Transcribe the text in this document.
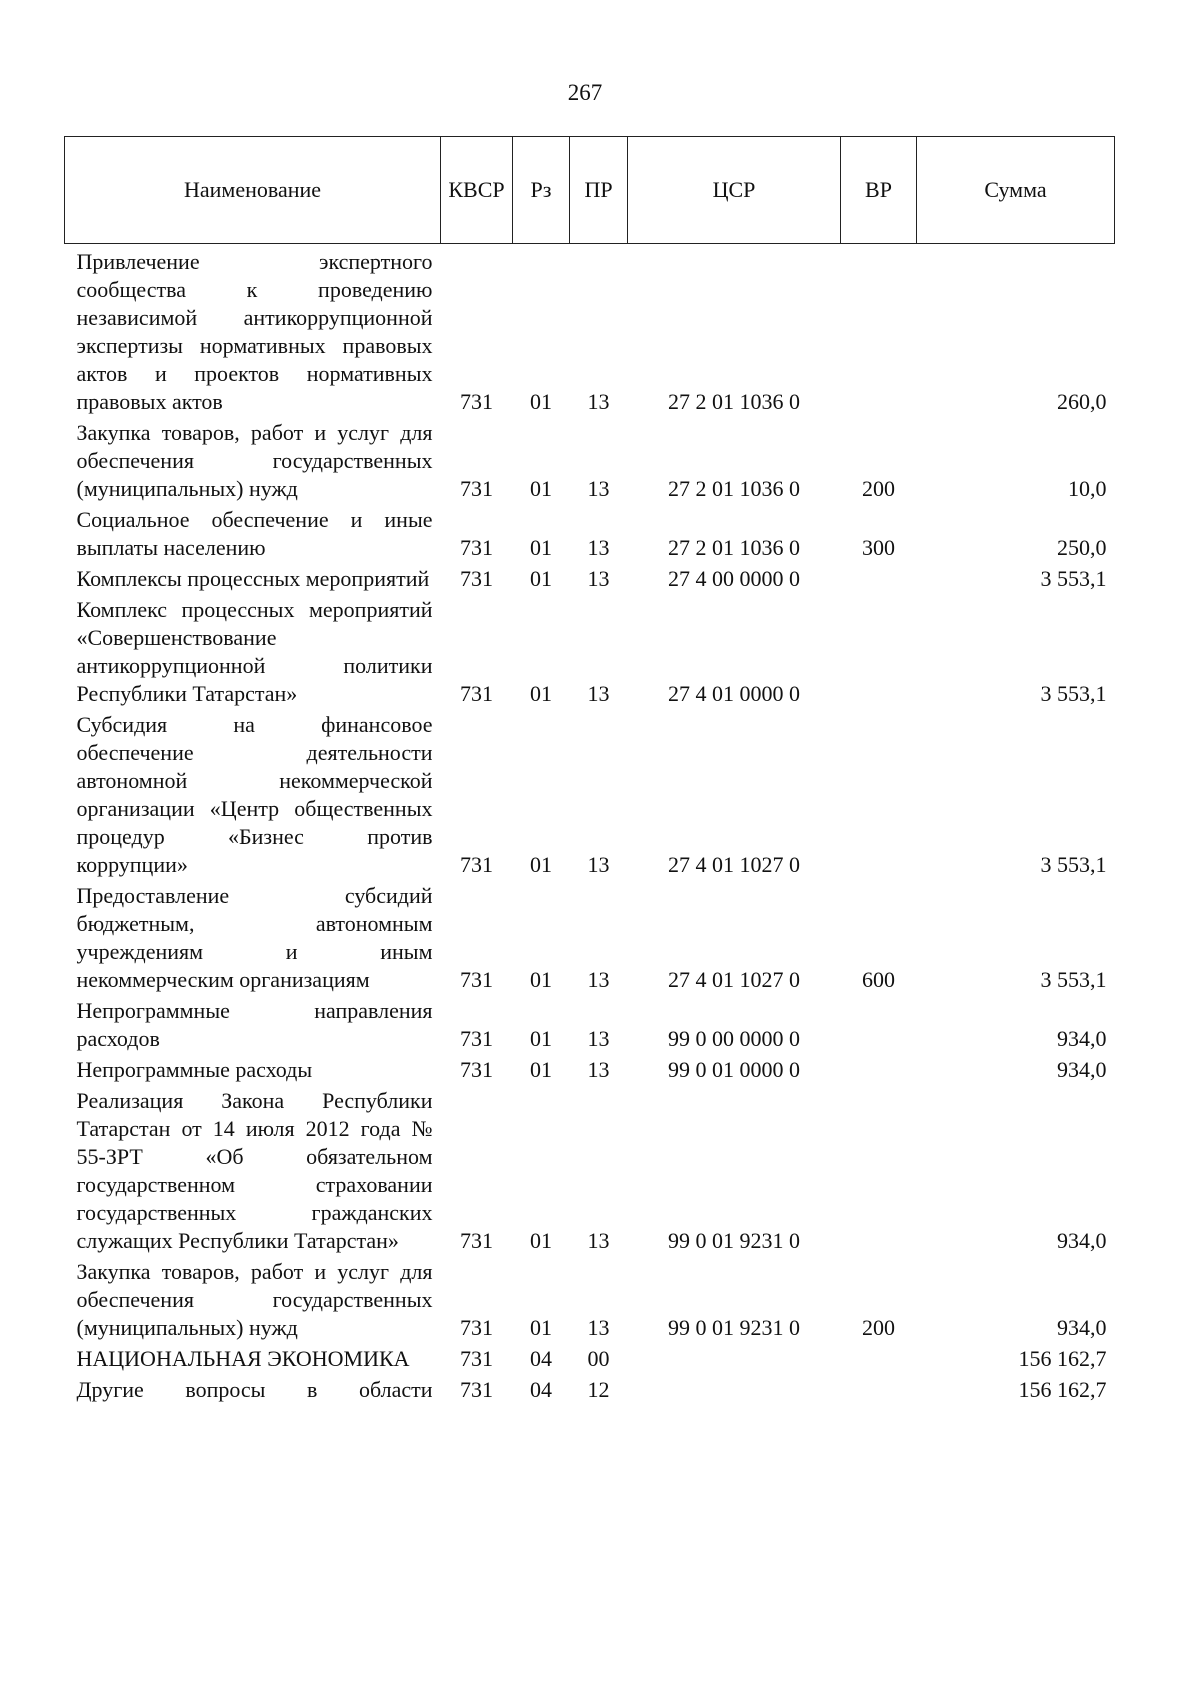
267
Наименование	КВСР	Рз	ПР	ЦСР	ВР	Сумма
Привлечение экспертного сообщества к проведению независимой антикоррупционной экспертизы нормативных правовых актов и проектов нормативных правовых актов	731	01	13	27 2 01 1036 0		260,0
Закупка товаров, работ и услуг для обеспечения государственных (муниципальных) нужд	731	01	13	27 2 01 1036 0	200	10,0
Социальное обеспечение и иные выплаты населению	731	01	13	27 2 01 1036 0	300	250,0
Комплексы процессных мероприятий	731	01	13	27 4 00 0000 0		3 553,1
Комплекс процессных мероприятий «Совершенствование антикоррупционной политики Республики Татарстан»	731	01	13	27 4 01 0000 0		3 553,1
Субсидия на финансовое обеспечение деятельности автономной некоммерческой организации «Центр общественных процедур «Бизнес против коррупции»	731	01	13	27 4 01 1027 0		3 553,1
Предоставление субсидий бюджетным, автономным учреждениям и иным некоммерческим организациям	731	01	13	27 4 01 1027 0	600	3 553,1
Непрограммные направления расходов	731	01	13	99 0 00 0000 0		934,0
Непрограммные расходы	731	01	13	99 0 01 0000 0		934,0
Реализация Закона Республики Татарстан от 14 июля 2012 года № 55-ЗРТ «Об обязательном государственном страховании государственных гражданских служащих Республики Татарстан»	731	01	13	99 0 01 9231 0		934,0
Закупка товаров, работ и услуг для обеспечения государственных (муниципальных) нужд	731	01	13	99 0 01 9231 0	200	934,0
НАЦИОНАЛЬНАЯ ЭКОНОМИКА	731	04	00			156 162,7
Другие вопросы в области	731	04	12			156 162,7
